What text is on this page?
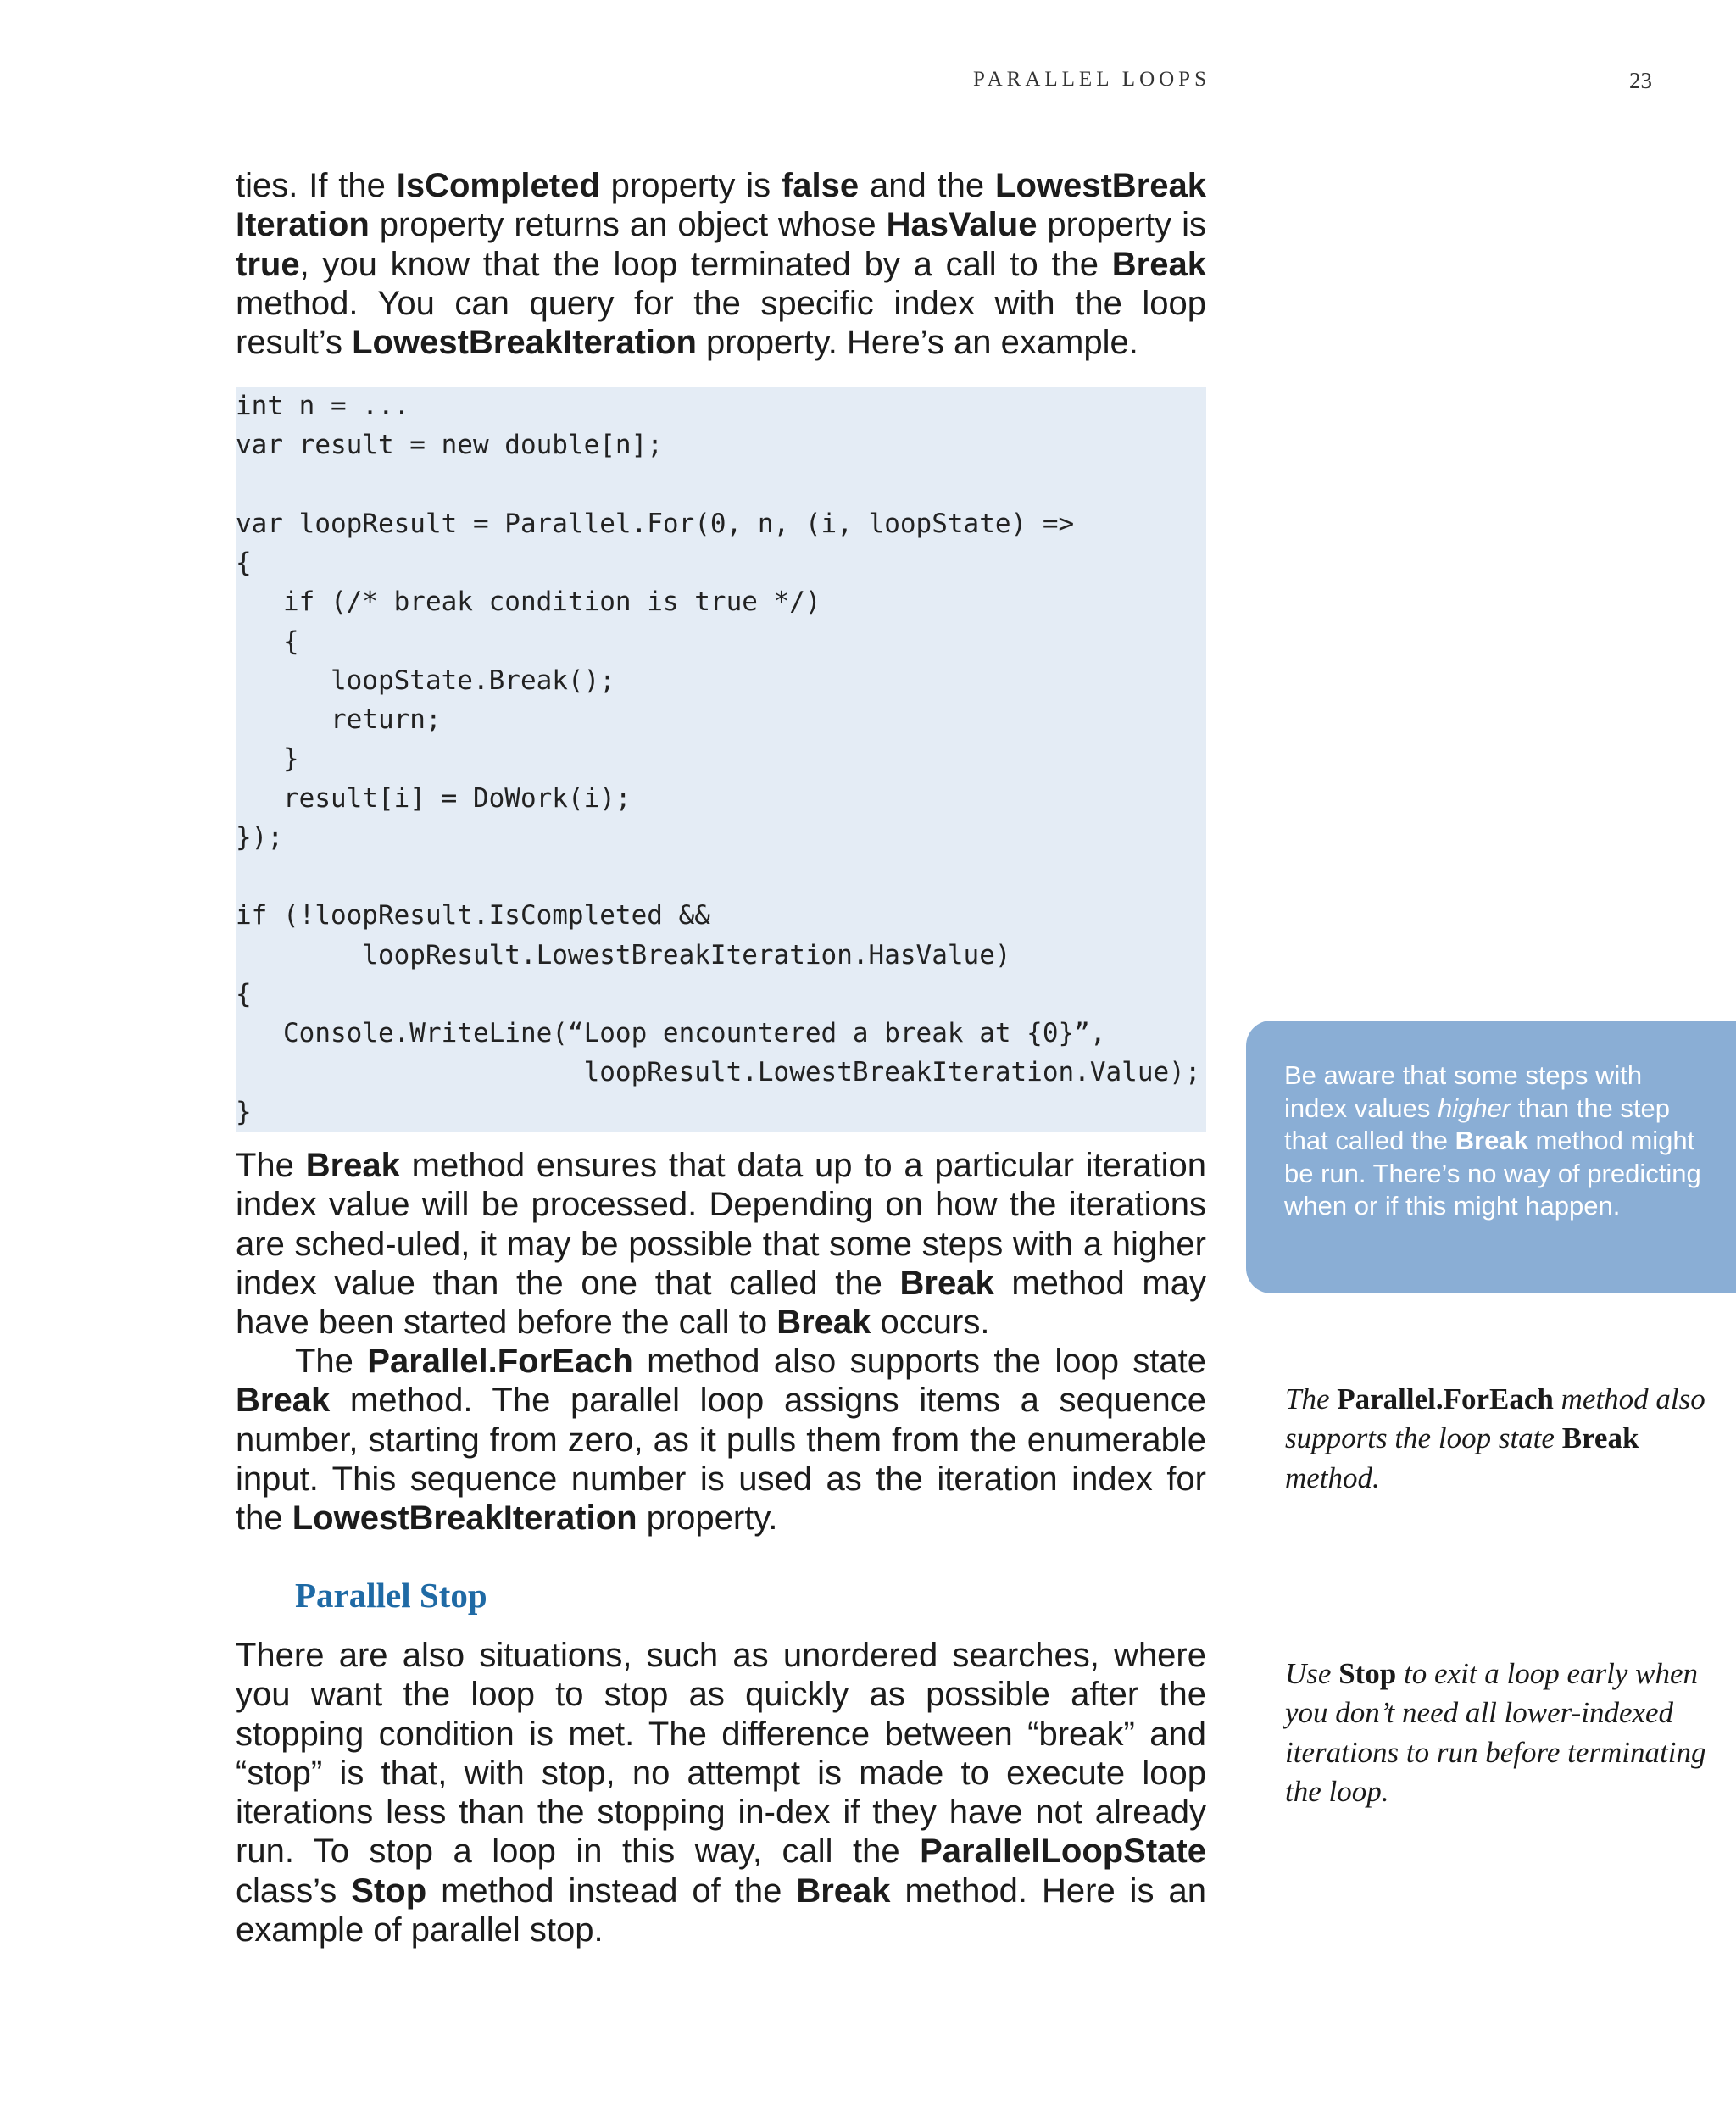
PARALLEL LOOPS	23

ties. If the IsCompleted property is false and the LowestBreak Iteration property returns an object whose HasValue property is true, you know that the loop terminated by a call to the Break method. You can query for the specific index with the loop result’s LowestBreakIteration property. Here’s an example.

int n = ...
var result = new double[n];
var loopResult = Parallel.For(0, n, (i, loopState) =>
{
if (/* break condition is true */)
{
loopState.Break();
return;
}
result[i] = DoWork(i);
});
if (!loopResult.IsCompleted &&
loopResult.LowestBreakIteration.HasValue)
{
Console.WriteLine(“Loop encountered a break at {0}”,
loopResult.LowestBreakIteration.Value);
}

The Break method ensures that data up to a particular iteration index value will be processed. Depending on how the iterations are sched-uled, it may be possible that some steps with a higher index value than the one that called the Break method may have been started before the call to Break occurs.

The Parallel.ForEach method also supports the loop state Break method. The parallel loop assigns items a sequence number, starting from zero, as it pulls them from the enumerable input. This sequence number is used as the iteration index for the LowestBreakIteration property.

Parallel Stop

There are also situations, such as unordered searches, where you want the loop to stop as quickly as possible after the stopping condition is met. The difference between “break” and “stop” is that, with stop, no attempt is made to execute loop iterations less than the stopping in-dex if they have not already run. To stop a loop in this way, call the ParallelLoopState class’s Stop method instead of the Break method. Here is an example of parallel stop.

Be aware that some steps with index values higher than the step that called the Break method might be run. There’s no way of predicting when or if this might happen.

The Parallel.ForEach method also supports the loop state Break method.

Use Stop to exit a loop early when you don’t need all lower-indexed iterations to run before terminating the loop.
